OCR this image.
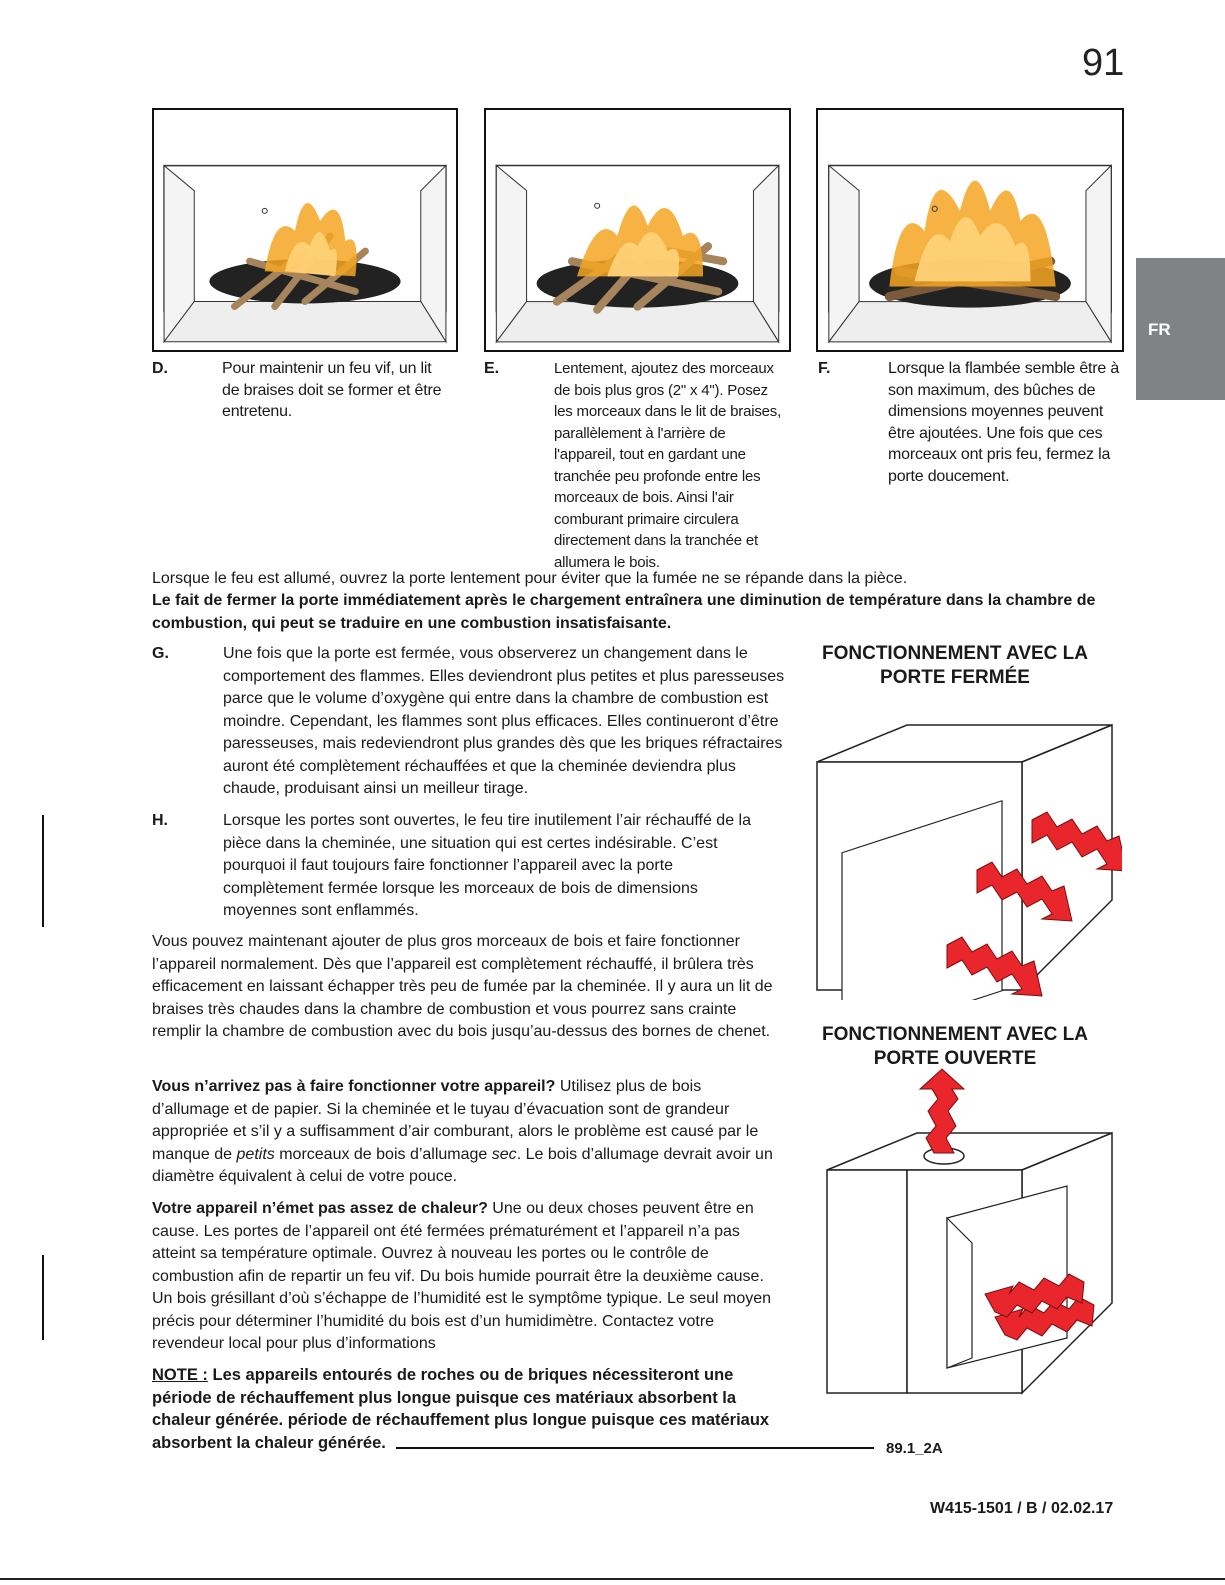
91
FR
D.	Pour maintenir un feu vif, un lit de braises doit se former et être entretenu.
E.	Lentement, ajoutez des morceaux de bois plus gros (2" x 4"). Posez les morceaux dans le lit de braises, parallèlement à l'arrière de l'appareil, tout en gardant une tranchée peu profonde entre les morceaux de bois. Ainsi l'air comburant primaire circulera directement dans la tranchée et allumera le bois.
F.	Lorsque la flambée semble être à son maximum, des bûches de dimensions moyennes peuvent être ajoutées. Une fois que ces morceaux ont pris feu, fermez la porte doucement.
Lorsque le feu est allumé, ouvrez la porte lentement pour éviter que la fumée ne se répande dans la pièce.
Le fait de fermer la porte immédiatement après le chargement entraînera une diminution de température dans la chambre de combustion, qui peut se traduire en une combustion insatisfaisante.
G.	Une fois que la porte est fermée, vous observerez un changement dans le comportement des flammes. Elles deviendront plus petites et plus paresseuses parce que le volume d’oxygène qui entre dans la chambre de combustion est moindre. Cependant, les flammes sont plus efficaces. Elles continueront d’être paresseuses, mais redeviendront plus grandes dès que les briques réfractaires auront été complètement réchauffées et que la cheminée deviendra plus chaude, produisant ainsi un meilleur tirage.
H.	Lorsque les portes sont ouvertes, le feu tire inutilement l’air réchauffé de la pièce dans la cheminée, une situation qui est certes indésirable. C’est pourquoi il faut toujours faire fonctionner l’appareil avec la porte complètement fermée lorsque les morceaux de bois de dimensions moyennes sont enflammés.
Vous pouvez maintenant ajouter de plus gros morceaux de bois et faire fonctionner l’appareil normalement. Dès que l’appareil est complètement réchauffé, il brûlera très efficacement en laissant échapper très peu de fumée par la cheminée. Il y aura un lit de braises très chaudes dans la chambre de combustion et vous pourrez sans crainte remplir la chambre de combustion avec du bois jusqu’au-dessus des bornes de chenet.

Vous n’arrivez pas à faire fonctionner votre appareil? Utilisez plus de bois d’allumage et de papier. Si la cheminée et le tuyau d’évacuation sont de grandeur appropriée et s’il y a suffisamment d’air comburant, alors le problème est causé par le manque de petits morceaux de bois d’allumage sec. Le bois d’allumage devrait avoir un diamètre équivalent à celui de votre pouce.

Votre appareil n’émet pas assez de chaleur? Une ou deux choses peuvent être en cause. Les portes de l’appareil ont été fermées prématurément et l’appareil n’a pas atteint sa température optimale. Ouvrez à nouveau les portes ou le contrôle de combustion afin de repartir un feu vif. Du bois humide pourrait être la deuxième cause. Un bois grésillant d’où s’échappe de l’humidité est le symptôme typique. Le seul moyen précis pour déterminer l’humidité du bois est d’un humidimètre. Contactez votre revendeur local pour plus d’informations

NOTE : Les appareils entourés de roches ou de briques nécessiteront une période de réchauffement plus longue puisque ces matériaux absorbent la chaleur générée. période de réchauffement plus longue puisque ces matériaux absorbent la chaleur générée.	89.1_2A
FONCTIONNEMENT AVEC LA PORTE FERMÉE
FONCTIONNEMENT AVEC LA PORTE OUVERTE
W415-1501 / B / 02.02.17
